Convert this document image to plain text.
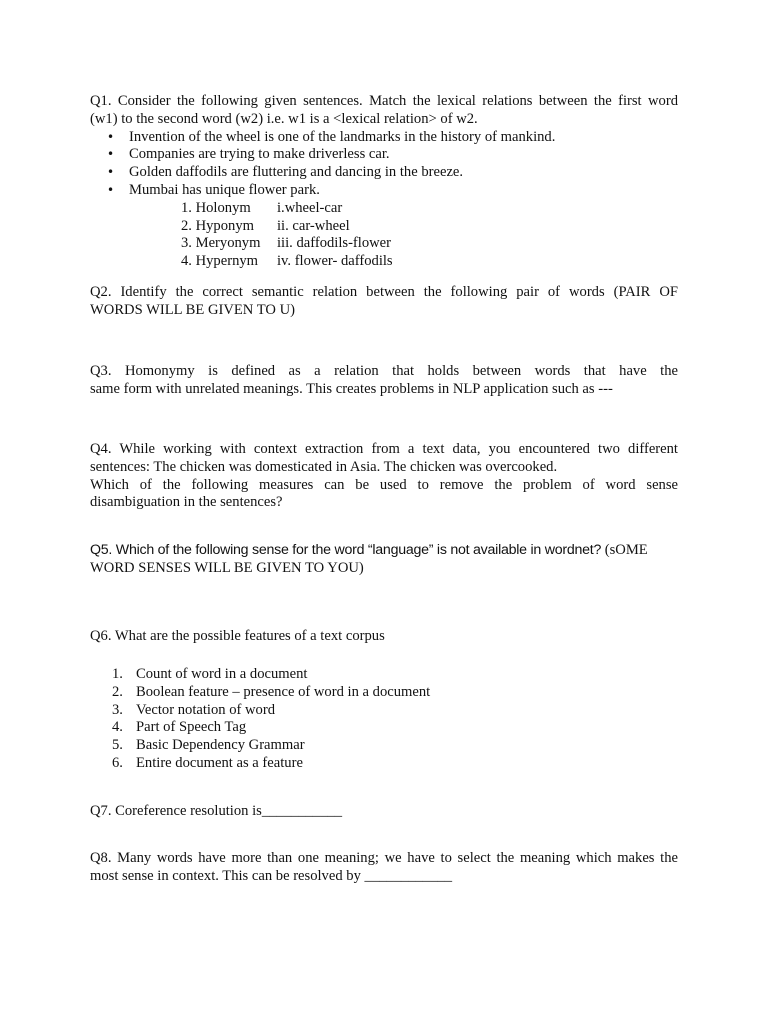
Q1. Consider the following given sentences. Match the lexical relations between the first word

(w1) to the second word (w2) i.e. w1 is a <lexical relation> of w2.

• Invention of the wheel is one of the landmarks in the history of mankind.
• Companies are trying to make driverless car.
• Golden daffodils are fluttering and dancing in the breeze.
• Mumbai has unique flower park.
1. Holonym	i.wheel-car
2. Hyponym	ii. car-wheel
3. Meryonym	iii. daffodils-flower
4. Hypernym	iv. flower- daffodils

Q2. Identify the correct semantic relation between the following pair of words (PAIR OF

WORDS WILL BE GIVEN TO U)

Q3. Homonymy is defined as a relation that holds between words that have the

same form with unrelated meanings. This creates problems in NLP application such as ---

Q4. While working with context extraction from a text data, you encountered two different

sentences: The chicken was domesticated in Asia. The chicken was overcooked.

Which of the following measures can be used to remove the problem of word sense

disambiguation in the sentences?

Q5. Which of the following sense for the word “language” is not available in wordnet? (sOME

WORD SENSES WILL BE GIVEN TO YOU)

Q6. What are the possible features of a text corpus

1. Count of word in a document
2. Boolean feature – presence of word in a document
3. Vector notation of word
4. Part of Speech Tag
5. Basic Dependency Grammar
6. Entire document as a feature

Q7. Coreference resolution is___________

Q8. Many words have more than one meaning; we have to select the meaning which makes the

most sense in context. This can be resolved by ____________
